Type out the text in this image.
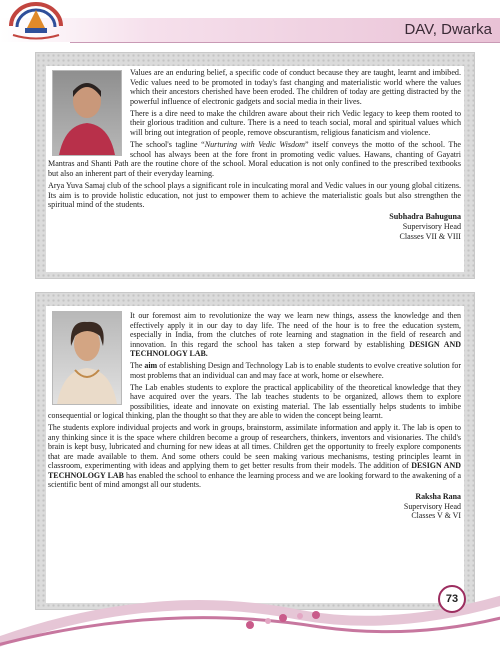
DAV, Dwarka

Values are an enduring belief, a specific code of conduct because they are taught, learnt and imbibed. Vedic values need to be promoted in today's fast changing and materialistic world where the values which their ancestors cherished have been eroded. The children of today are getting distracted by the powerful influence of electronic gadgets and social media in their lives.

There is a dire need to make the children aware about their rich Vedic legacy to keep them rooted to their glorious tradition and culture. There is a need to teach social, moral and spiritual values which will bring out integration of people, remove obscurantism, religious fanaticism and violence.

The school's tagline “Nurturing with Vedic Wisdom” itself conveys the motto of the school. The school has always been at the fore front in promoting vedic values. Hawans, chanting of Gayatri Mantras and Shanti Path are the routine chore of the school. Moral education is not only confined to the prescribed textbooks but also an inherent part of their everyday learning.

Arya Yuva Samaj club of the school plays a significant role in inculcating moral and Vedic values in our young global citizens. Its aim is to provide holistic education, not just to empower them to achieve the materialistic goals but also strengthen the spiritual mind of the students.

Subhadra Bahuguna
Supervisory Head
Classes VII & VIII

It our foremost aim to revolutionize the way we learn new things, assess the knowledge and then effectively apply it in our day to day life. The need of the hour is to free the education system, especially in India, from the clutches of rote learning and stagnation in the field of research and innovation. In this regard the school has taken a step forward by establishing DESIGN AND TECHNOLOGY LAB.

The aim of establishing Design and Technology Lab is to enable students to evolve creative solution for most problems that an individual can and may face at work, home or elsewhere.

The Lab enables students to explore the practical applicability of the theoretical knowledge that they have acquired over the years. The lab teaches students to be organized, allows them to explore possibilities, ideate and innovate on existing material. The lab essentially helps students to imbibe consequential or logical thinking, plan the thought so that they are able to widen the concept being learnt.

The students explore individual projects and work in groups, brainstorm, assimilate information and apply it. The lab is open to any thinking since it is the space where children become a group of researchers, thinkers, inventors and visionaries. The child's brain is kept busy, lubricated and churning for new ideas at all times. Children get the opportunity to freely explore components that are made available to them. And some others could be seen making various mechanisms, testing principles learnt in classroom, experimenting with ideas and applying them to get better results from their models. The addition of DESIGN AND TECHNOLOGY LAB has enabled the school to enhance the learning process and we are looking forward to the awakening of a scientific bent of mind amongst all our students.

Raksha Rana
Supervisory Head
Classes V & VI
73
